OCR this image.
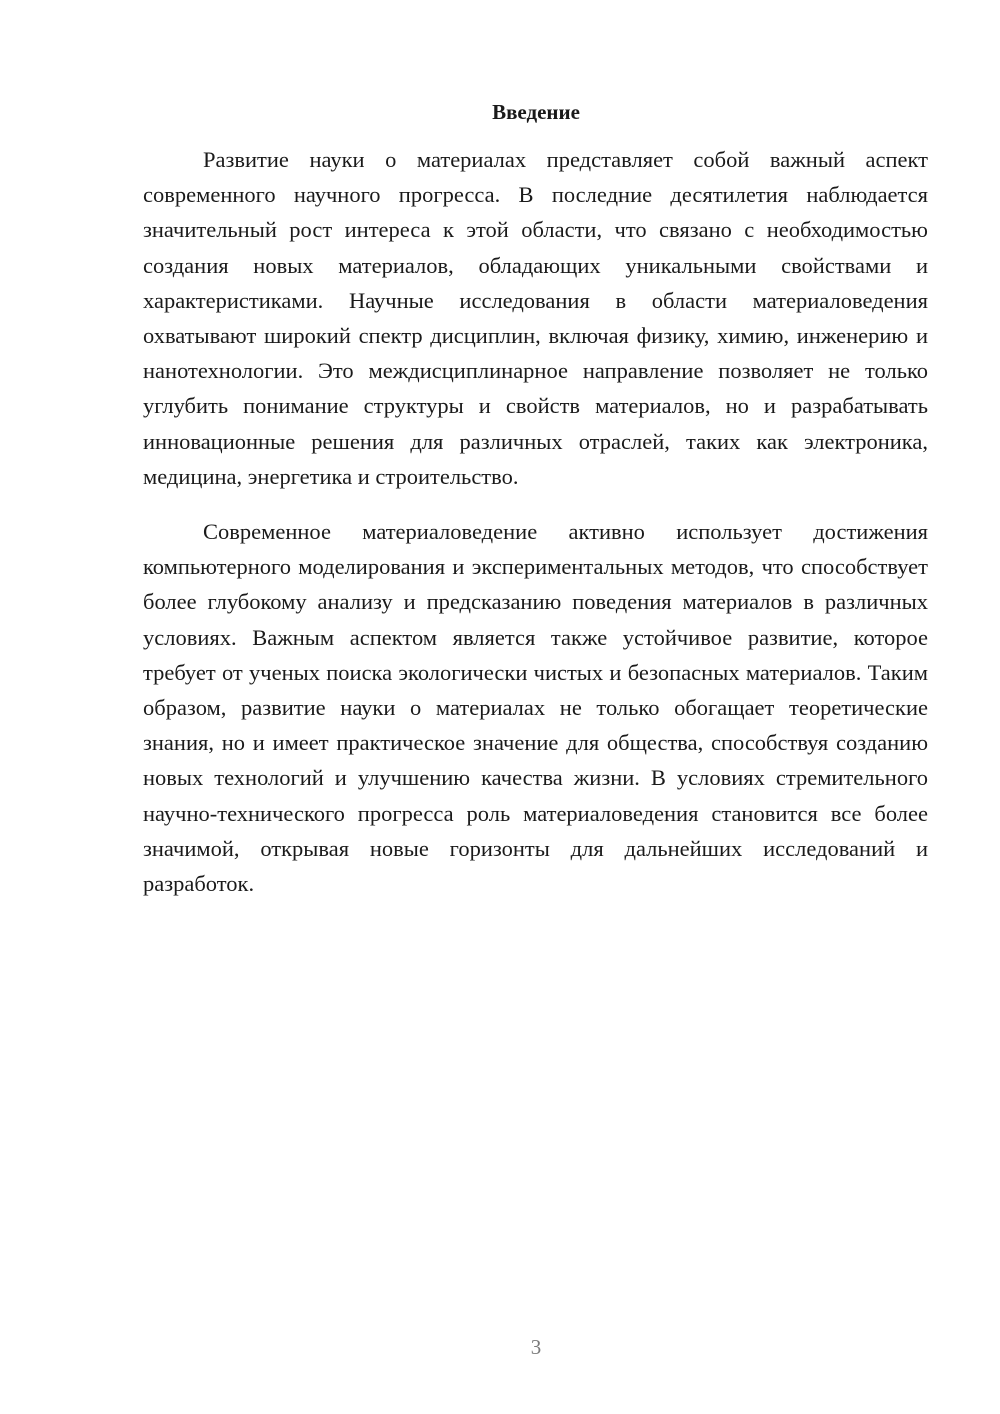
Введение

Развитие науки о материалах представляет собой важный аспект современного научного прогресса. В последние десятилетия наблюдается значительный рост интереса к этой области, что связано с необходимостью создания новых материалов, обладающих уникальными свойствами и характеристиками. Научные исследования в области материаловедения охватывают широкий спектр дисциплин, включая физику, химию, инженерию и нанотехнологии. Это междисциплинарное направление позволяет не только углубить понимание структуры и свойств материалов, но и разрабатывать инновационные решения для различных отраслей, таких как электроника, медицина, энергетика и строительство.

Современное материаловедение активно использует достижения компьютерного моделирования и экспериментальных методов, что способствует более глубокому анализу и предсказанию поведения материалов в различных условиях. Важным аспектом является также устойчивое развитие, которое требует от ученых поиска экологически чистых и безопасных материалов. Таким образом, развитие науки о материалах не только обогащает теоретические знания, но и имеет практическое значение для общества, способствуя созданию новых технологий и улучшению качества жизни. В условиях стремительного научно-технического прогресса роль материаловедения становится все более значимой, открывая новые горизонты для дальнейших исследований и разработок.

3
